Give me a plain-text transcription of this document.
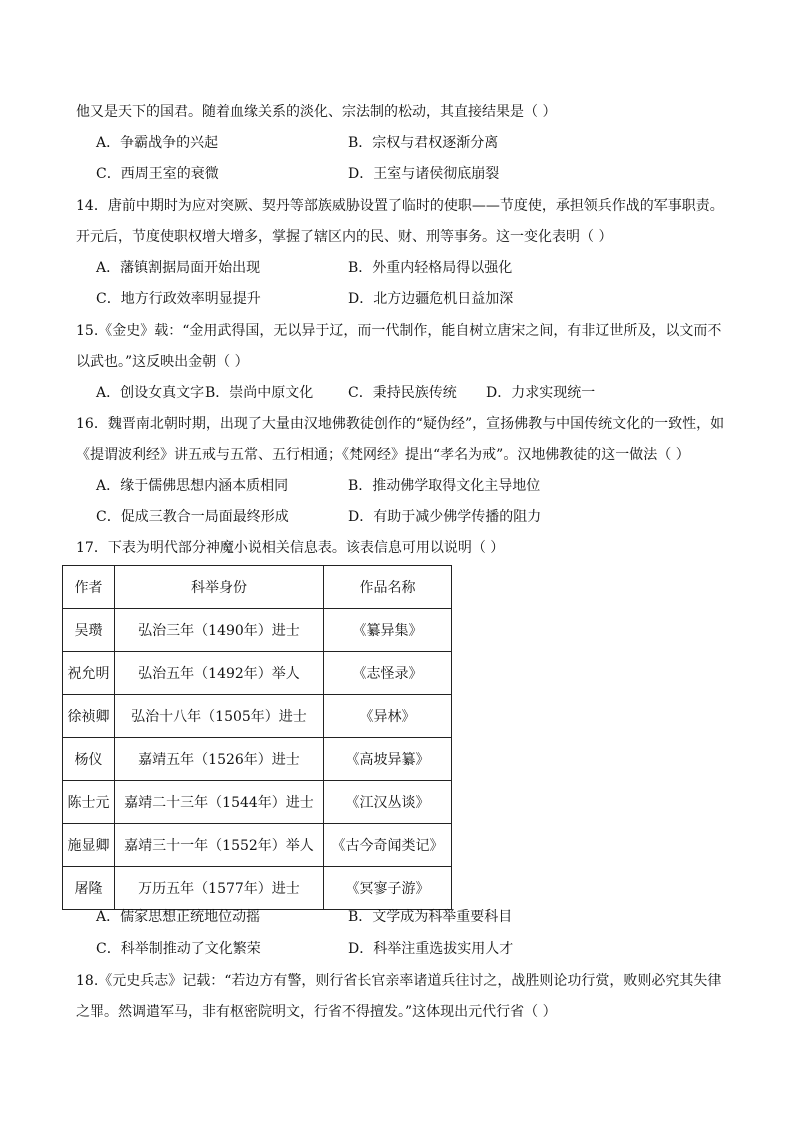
他又是天下的国君。随着血缘关系的淡化、宗法制的松动，其直接结果是（ ）
A．争霸战争的兴起	B．宗权与君权逐渐分离
C．西周王室的衰微	D．王室与诸侯彻底崩裂
14．唐前中期时为应对突厥、契丹等部族威胁设置了临时的使职——节度使，承担领兵作战的军事职责。
开元后，节度使职权增大增多，掌握了辖区内的民、财、刑等事务。这一变化表明（ ）
A．藩镇割据局面开始出现	B．外重内轻格局得以强化
C．地方行政效率明显提升	D．北方边疆危机日益加深
15.《金史》载：“金用武得国，无以异于辽，而一代制作，能自树立唐宋之间，有非辽世所及，以文而不
以武也。”这反映出金朝（ ）
A．创设女真文字 B．崇尚中原文化 C．秉持民族传统 D．力求实现统一
16．魏晋南北朝时期，出现了大量由汉地佛教徒创作的“疑伪经”，宣扬佛教与中国传统文化的一致性，如
《提谓波利经》讲五戒与五常、五行相通；《梵网经》提出“孝名为戒”。汉地佛教徒的这一做法（ ）
A．缘于儒佛思想内涵本质相同	B．推动佛学取得文化主导地位
C．促成三教合一局面最终形成	D．有助于减少佛学传播的阻力
17．下表为明代部分神魔小说相关信息表。该表信息可用以说明（ ）
作者	科举身份	作品名称
吴瓒	弘治三年（1490年）进士	《纂异集》
祝允明	弘治五年（1492年）举人	《志怪录》
徐祯卿	弘治十八年（1505年）进士	《异林》
杨仪	嘉靖五年（1526年）进士	《高坡异纂》
陈士元	嘉靖二十三年（1544年）进士	《江汉丛谈》
施显卿	嘉靖三十一年（1552年）举人	《古今奇闻类记》
屠隆	万历五年（1577年）进士	《冥寥子游》
A．儒家思想正统地位动摇	B．文学成为科举重要科目
C．科举制推动了文化繁荣	D．科举注重选拔实用人才
18.《元史兵志》记载：“若边方有警，则行省长官亲率诸道兵往讨之，战胜则论功行赏，败则必究其失律
之罪。然调遣军马，非有枢密院明文，行省不得擅发。”这体现出元代行省（ ）
